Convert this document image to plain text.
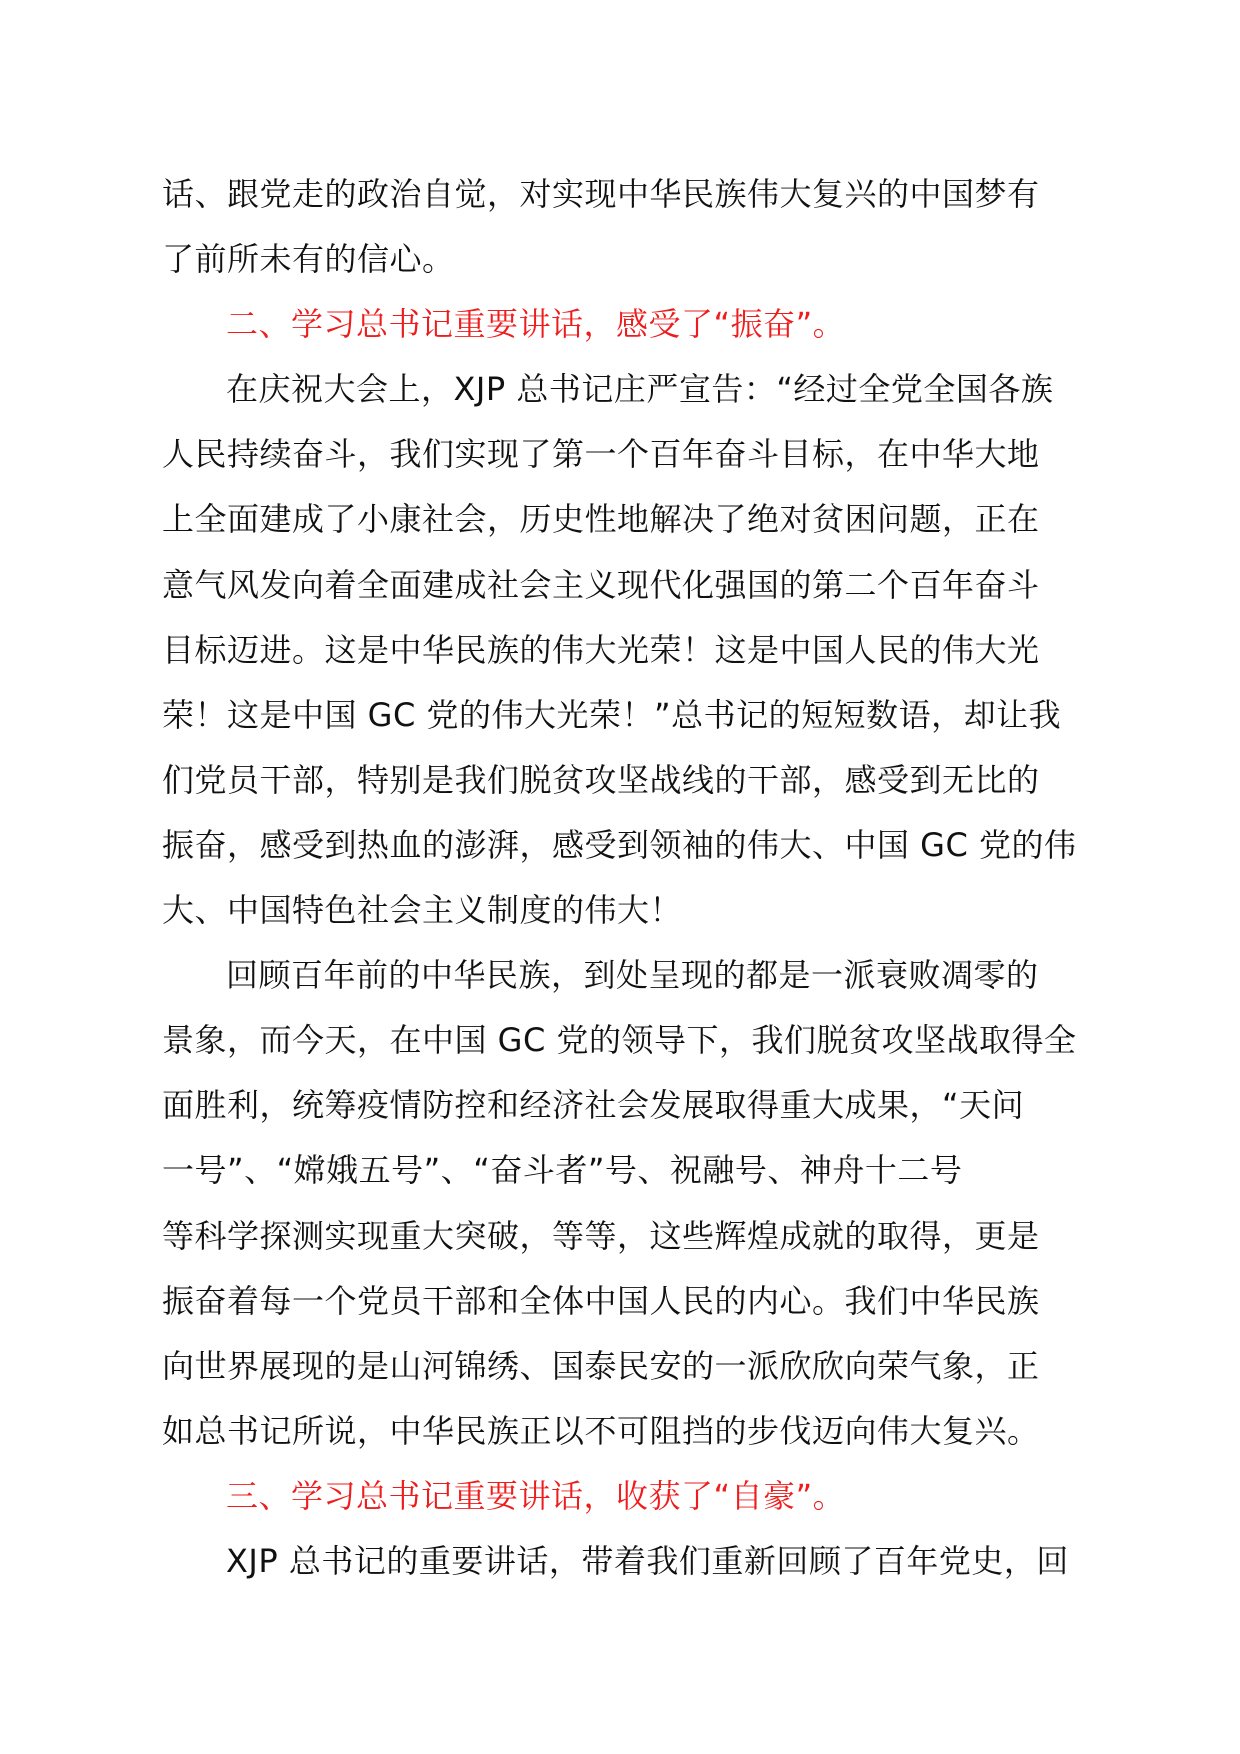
话、跟党走的政治自觉，对实现中华民族伟大复兴的中国梦有
了前所未有的信心。
二、学习总书记重要讲话，感受了“振奋”。
在庆祝大会上，XJP 总书记庄严宣告：“经过全党全国各族
人民持续奋斗，我们实现了第一个百年奋斗目标，在中华大地
上全面建成了小康社会，历史性地解决了绝对贫困问题，正在
意气风发向着全面建成社会主义现代化强国的第二个百年奋斗
目标迈进。这是中华民族的伟大光荣！这是中国人民的伟大光
荣！这是中国 GC 党的伟大光荣！”总书记的短短数语，却让我
们党员干部，特别是我们脱贫攻坚战线的干部，感受到无比的
振奋，感受到热血的澎湃，感受到领袖的伟大、中国 GC 党的伟
大、中国特色社会主义制度的伟大！
回顾百年前的中华民族，到处呈现的都是一派衰败凋零的
景象，而今天，在中国 GC 党的领导下，我们脱贫攻坚战取得全
面胜利，统筹疫情防控和经济社会发展取得重大成果，“天问
一号”、“嫦娥五号”、“奋斗者”号、祝融号、神舟十二号
等科学探测实现重大突破，等等，这些辉煌成就的取得，更是
振奋着每一个党员干部和全体中国人民的内心。我们中华民族
向世界展现的是山河锦绣、国泰民安的一派欣欣向荣气象，正
如总书记所说，中华民族正以不可阻挡的步伐迈向伟大复兴。
三、学习总书记重要讲话，收获了“自豪”。
XJP 总书记的重要讲话，带着我们重新回顾了百年党史，回
